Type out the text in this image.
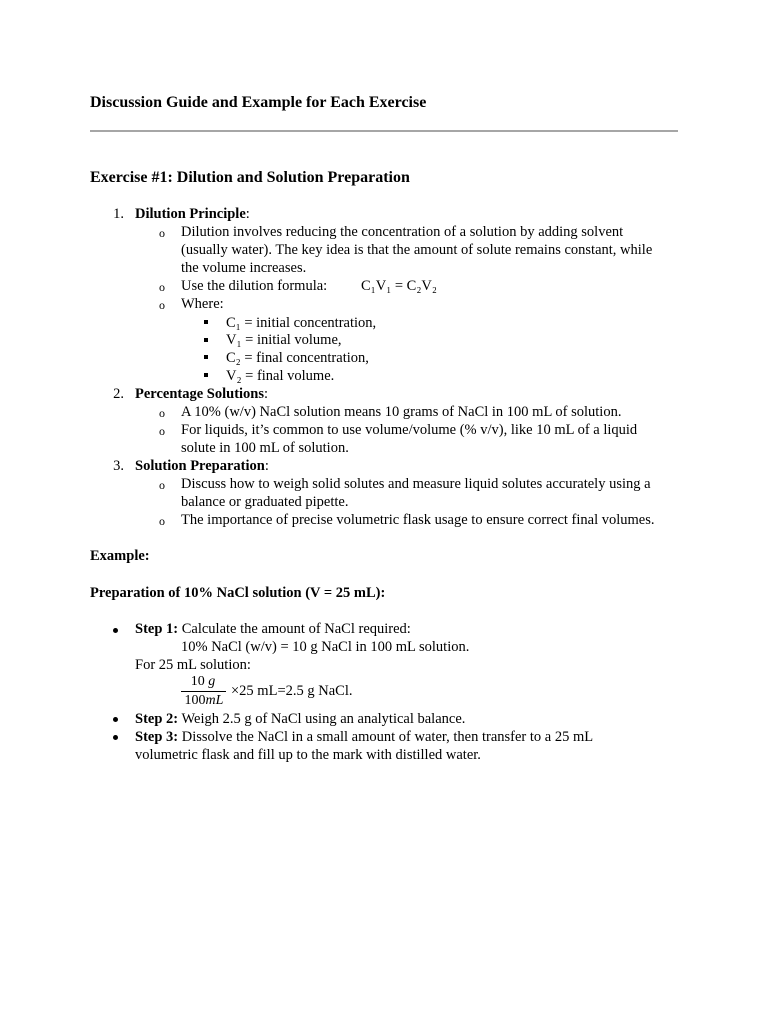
Discussion Guide and Example for Each Exercise
Exercise #1: Dilution and Solution Preparation
1. Dilution Principle:
o Dilution involves reducing the concentration of a solution by adding solvent
(usually water). The key idea is that the amount of solute remains constant, while
the volume increases.
o Use the dilution formula: C₁V₁ = C₂V₂
o Where:
C₁ = initial concentration,
V₁ = initial volume,
C₂ = final concentration,
V₂ = final volume.
2. Percentage Solutions:
o A 10% (w/v) NaCl solution means 10 grams of NaCl in 100 mL of solution.
o For liquids, it’s common to use volume/volume (% v/v), like 10 mL of a liquid
solute in 100 mL of solution.
3. Solution Preparation:
o Discuss how to weigh solid solutes and measure liquid solutes accurately using a
balance or graduated pipette.
o The importance of precise volumetric flask usage to ensure correct final volumes.
Example:
Preparation of 10% NaCl solution (V = 25 mL):
Step 1: Calculate the amount of NaCl required:
10% NaCl (w/v) = 10 g NaCl in 100 mL solution.
For 25 mL solution:
10 g
100mL
×25 mL=2.5 g NaCl.
Step 2: Weigh 2.5 g of NaCl using an analytical balance.
Step 3: Dissolve the NaCl in a small amount of water, then transfer to a 25 mL
volumetric flask and fill up to the mark with distilled water.
